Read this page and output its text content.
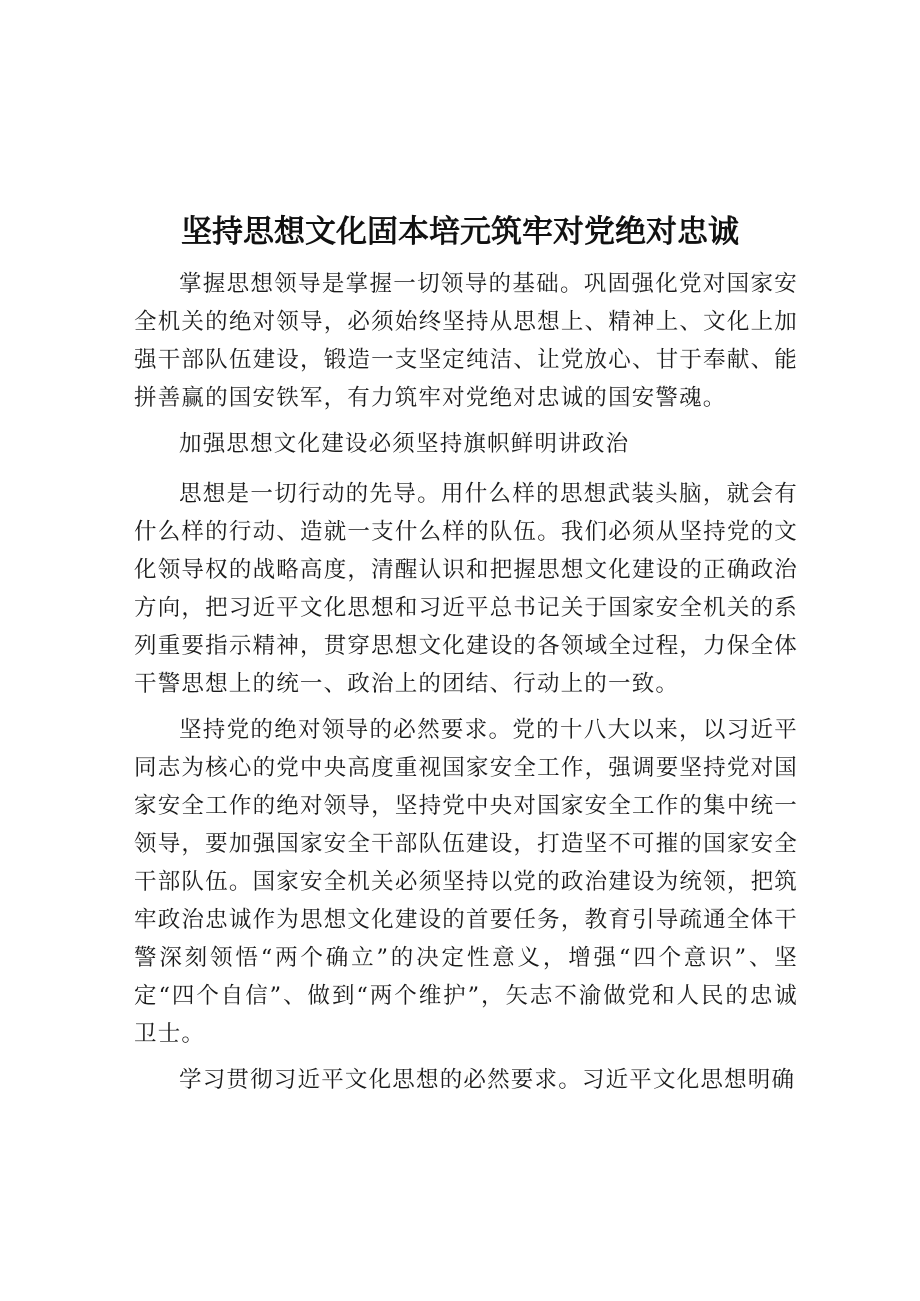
坚持思想文化固本培元筑牢对党绝对忠诚

掌握思想领导是掌握一切领导的基础。巩固强化党对国家安全机关的绝对领导，必须始终坚持从思想上、精神上、文化上加强干部队伍建设，锻造一支坚定纯洁、让党放心、甘于奉献、能拼善赢的国安铁军，有力筑牢对党绝对忠诚的国安警魂。

加强思想文化建设必须坚持旗帜鲜明讲政治

思想是一切行动的先导。用什么样的思想武装头脑，就会有什么样的行动、造就一支什么样的队伍。我们必须从坚持党的文化领导权的战略高度，清醒认识和把握思想文化建设的正确政治方向，把习近平文化思想和习近平总书记关于国家安全机关的系列重要指示精神，贯穿思想文化建设的各领域全过程，力保全体干警思想上的统一、政治上的团结、行动上的一致。

坚持党的绝对领导的必然要求。党的十八大以来，以习近平同志为核心的党中央高度重视国家安全工作，强调要坚持党对国家安全工作的绝对领导，坚持党中央对国家安全工作的集中统一领导，要加强国家安全干部队伍建设，打造坚不可摧的国家安全干部队伍。国家安全机关必须坚持以党的政治建设为统领，把筑牢政治忠诚作为思想文化建设的首要任务，教育引导疏通全体干警深刻领悟“两个确立”的决定性意义，增强“四个意识”、坚定“四个自信”、做到“两个维护”，矢志不渝做党和人民的忠诚卫士。

学习贯彻习近平文化思想的必然要求。习近平文化思想明确
